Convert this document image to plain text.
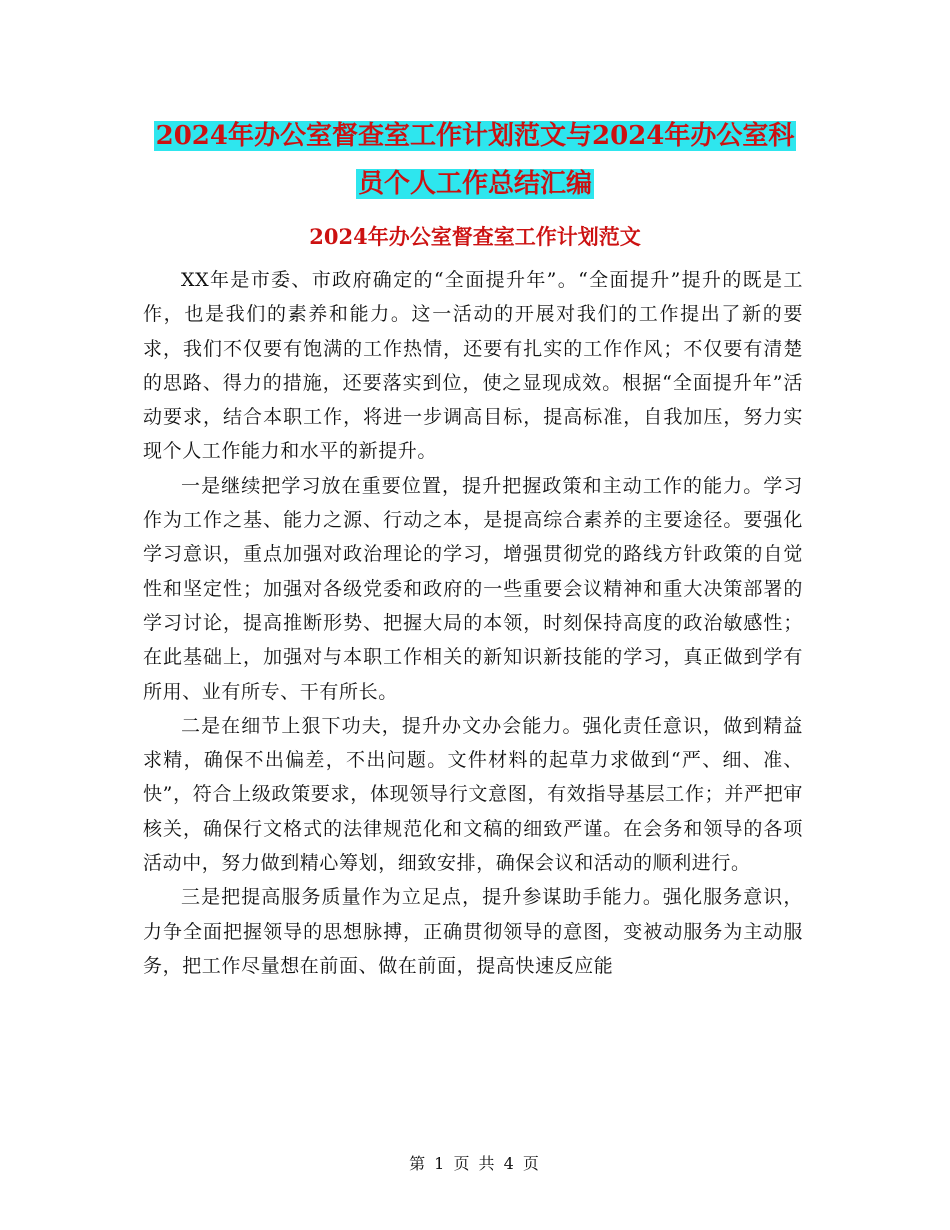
2024年办公室督查室工作计划范文与2024年办公室科
员个人工作总结汇编
2024年办公室督查室工作计划范文

XX年是市委、市政府确定的“全面提升年”。“全面提升”提升的既是工作，也是我们的素养和能力。这一活动的开展对我们的工作提出了新的要求，我们不仅要有饱满的工作热情，还要有扎实的工作作风；不仅要有清楚的思路、得力的措施，还要落实到位，使之显现成效。根据“全面提升年”活动要求，结合本职工作，将进一步调高目标，提高标准，自我加压，努力实现个人工作能力和水平的新提升。

一是继续把学习放在重要位置，提升把握政策和主动工作的能力。学习作为工作之基、能力之源、行动之本，是提高综合素养的主要途径。要强化学习意识，重点加强对政治理论的学习，增强贯彻党的路线方针政策的自觉性和坚定性；加强对各级党委和政府的一些重要会议精神和重大决策部署的学习讨论，提高推断形势、把握大局的本领，时刻保持高度的政治敏感性；在此基础上，加强对与本职工作相关的新知识新技能的学习，真正做到学有所用、业有所专、干有所长。

二是在细节上狠下功夫，提升办文办会能力。强化责任意识，做到精益求精，确保不出偏差，不出问题。文件材料的起草力求做到“严、细、准、快”，符合上级政策要求，体现领导行文意图，有效指导基层工作；并严把审核关，确保行文格式的法律规范化和文稿的细致严谨。在会务和领导的各项活动中，努力做到精心筹划，细致安排，确保会议和活动的顺利进行。

三是把提高服务质量作为立足点，提升参谋助手能力。强化服务意识，力争全面把握领导的思想脉搏，正确贯彻领导的意图，变被动服务为主动服务，把工作尽量想在前面、做在前面，提高快速反应能

第 1 页 共 4 页
